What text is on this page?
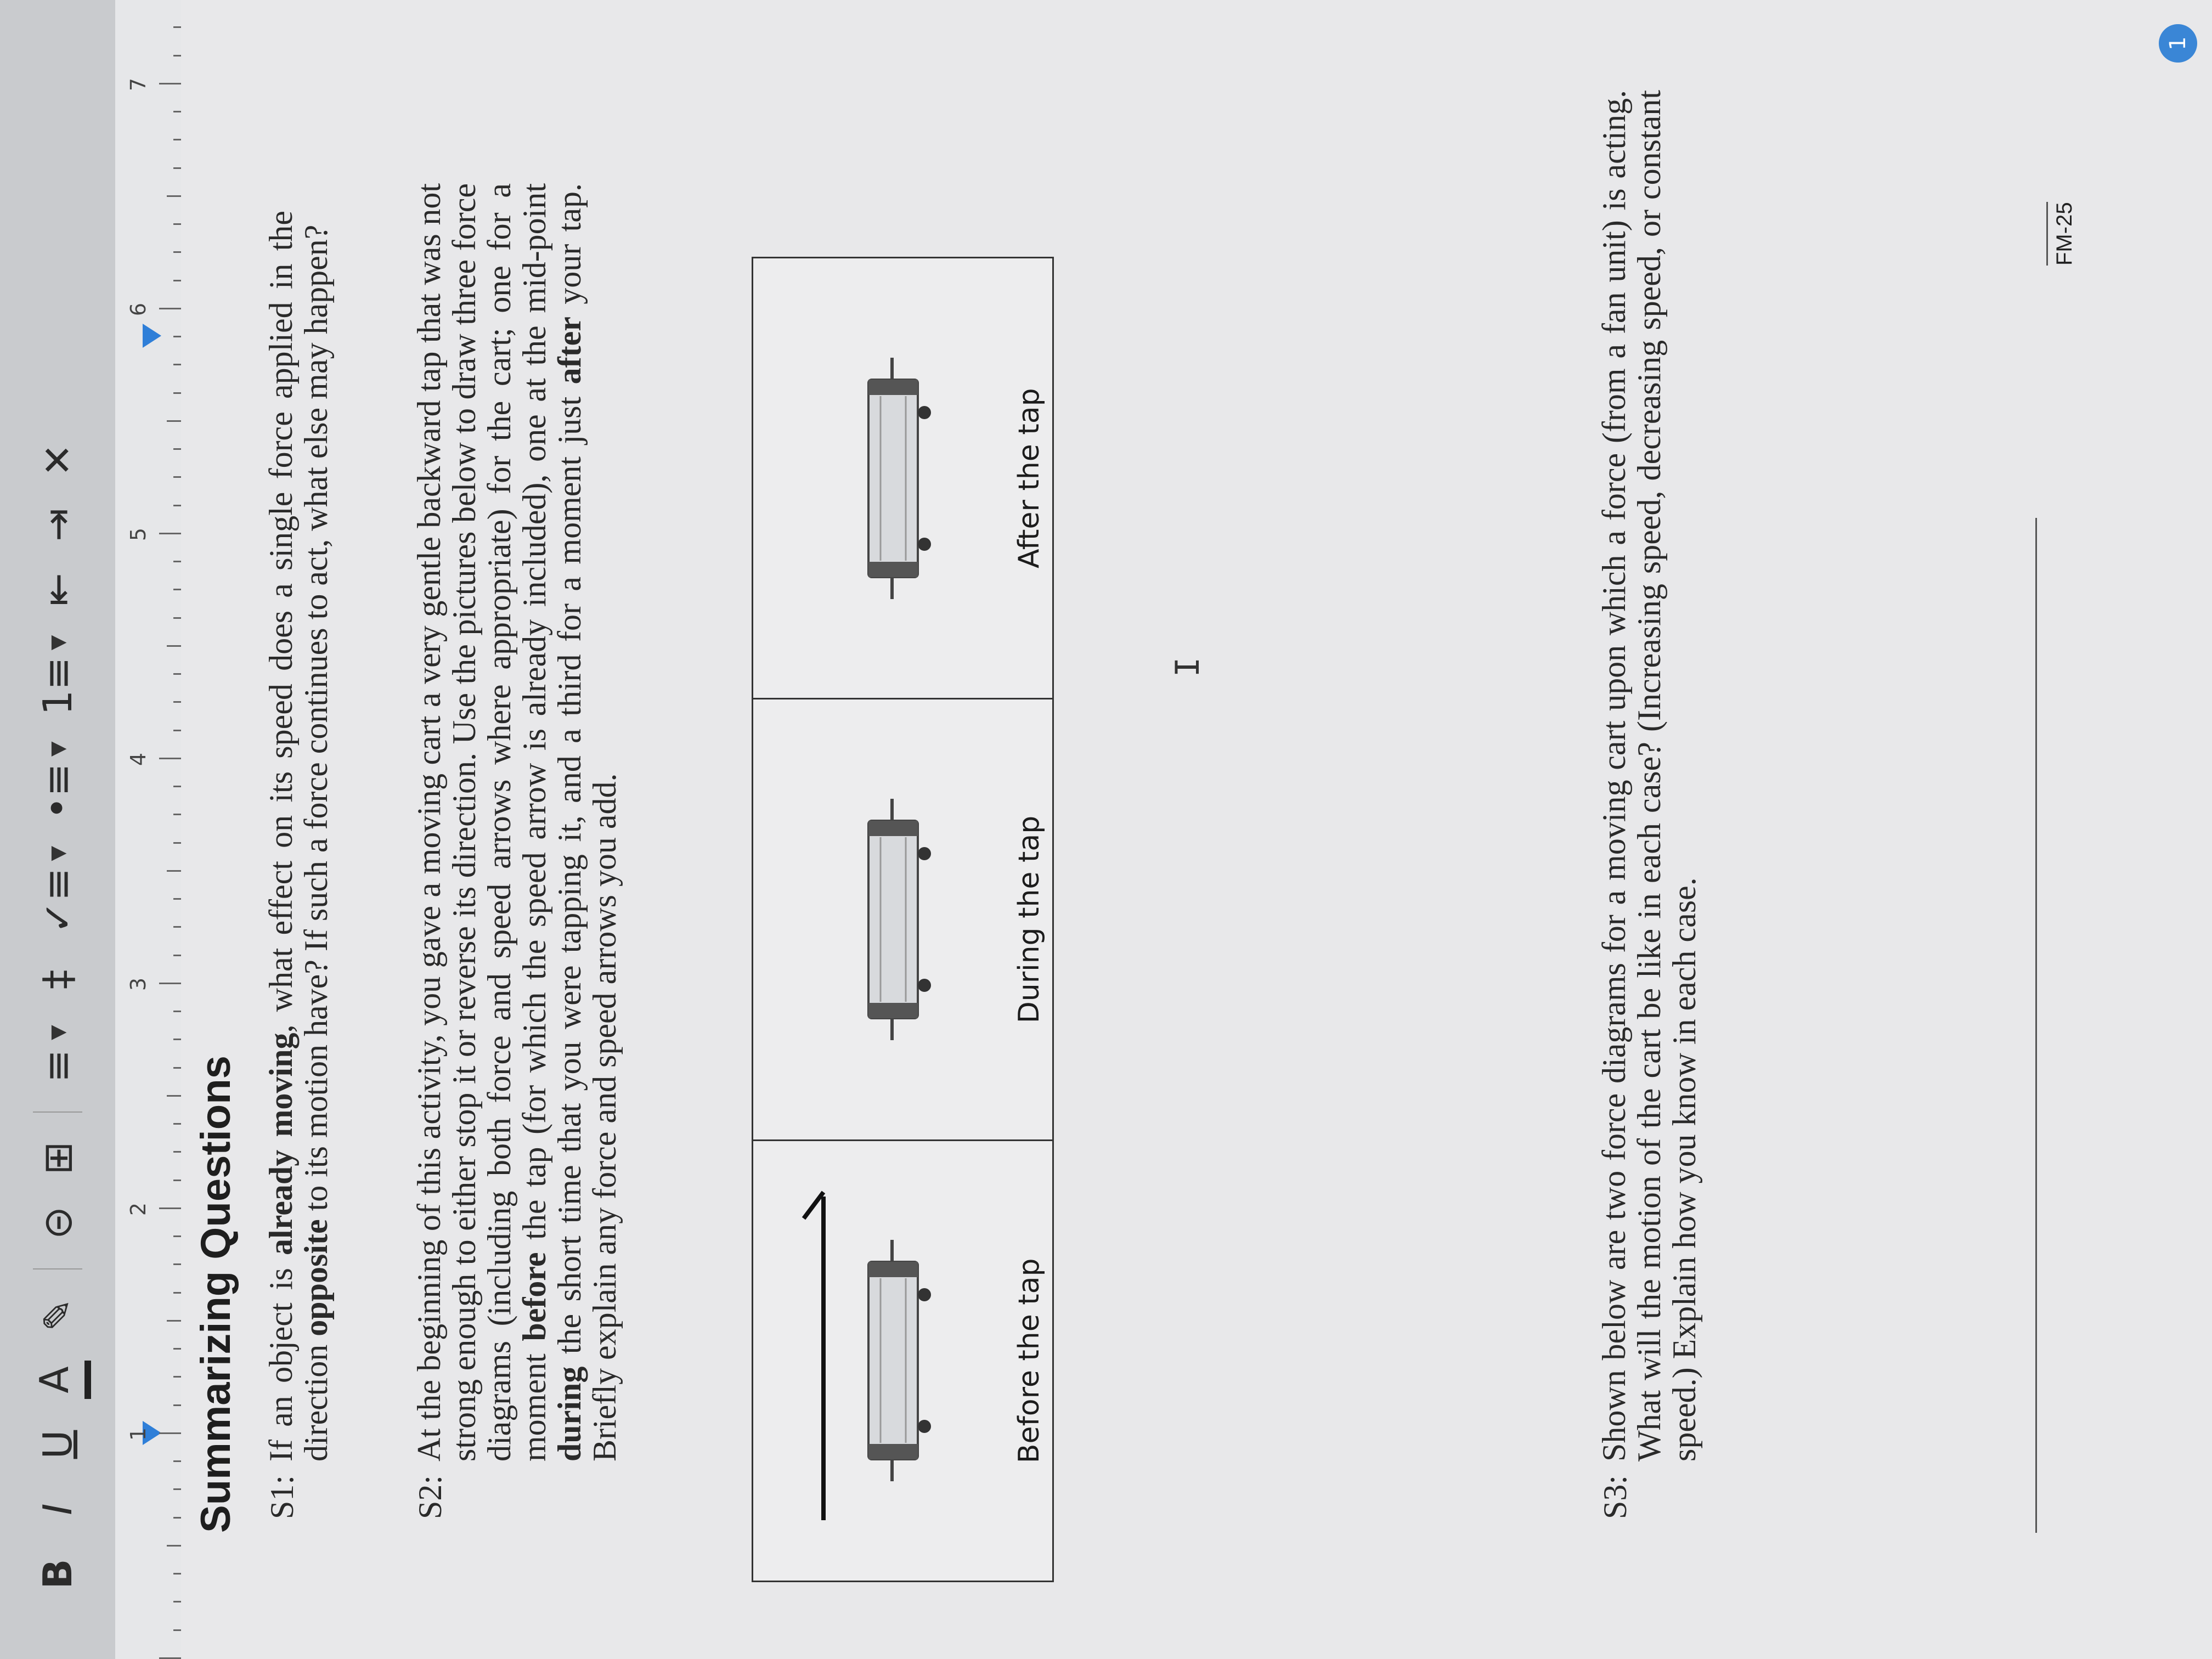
B
I
U
A
✎
⊝
⊞
≡
▼
‡
✓≡
▼
•≡
▼
1≡
▼
⇤
⇥
✕
1
2
3
4
5
6
7
Summarizing Questions S1:
If an object is already moving, what effect on its speed does a single force applied in the direction opposite to its motion have? If such a force continues to act, what else may happen?
S2:
At the beginning of this activity, you gave a moving cart a very gentle backward tap that was not strong enough to either stop it or reverse its direction. Use the pictures below to draw three force diagrams (including both force and speed arrows where appropriate) for the cart; one for a moment before the tap (for which the speed arrow is already included), one at the mid-point during the short time that you were tapping it, and a third for a moment just after your tap. Briefly explain any force and speed arrows you add.	Before the tap
During the tap
After the tap
I
S3:
Shown below are two force diagrams for a moving cart upon which a force (from a fan unit) is acting. What will the motion of the cart be like in each case? (Increasing speed, decreasing speed, or constant speed.) Explain how you know in each case.
FM-25
1
